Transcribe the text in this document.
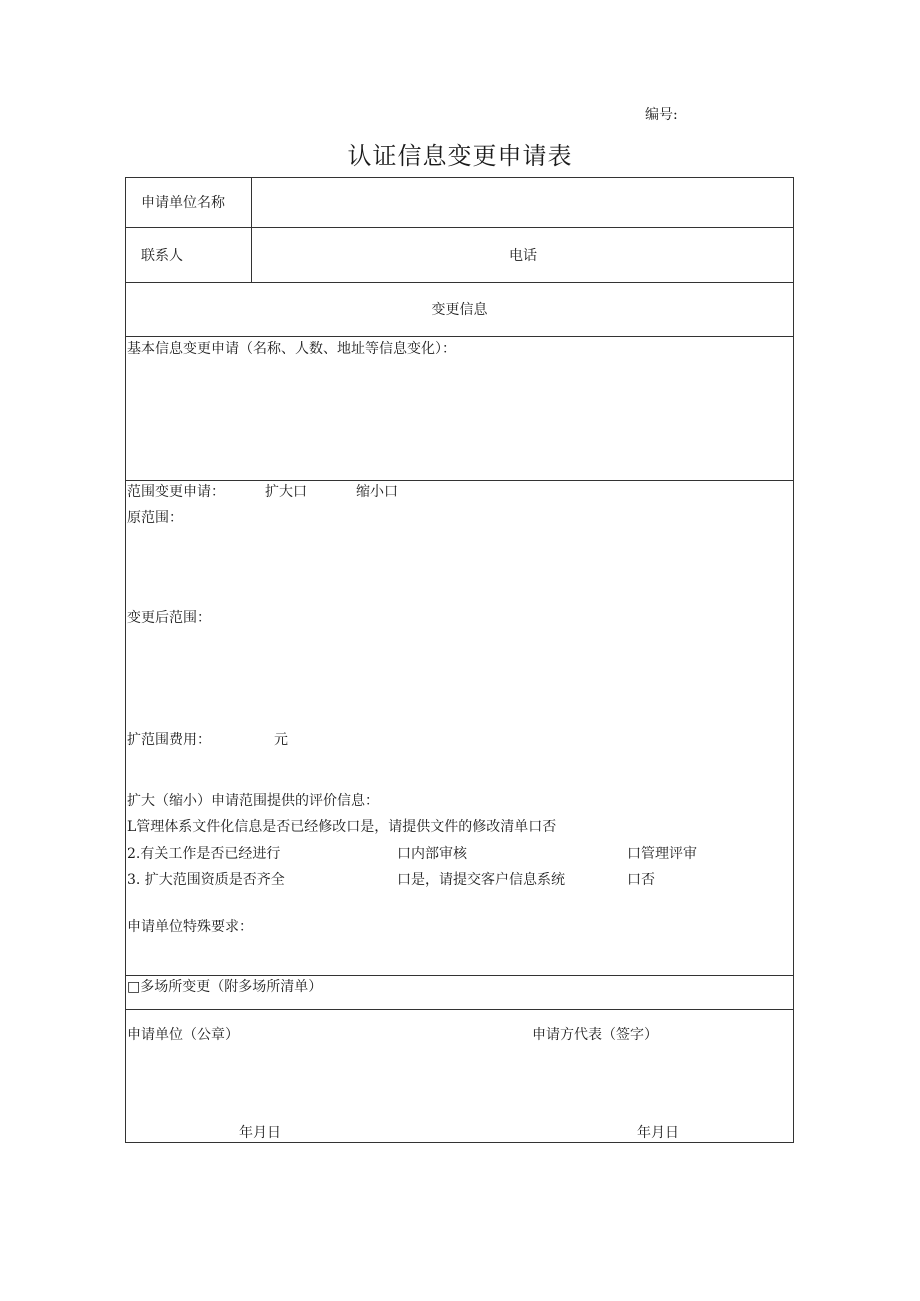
编号:
认证信息变更申请表
申请单位名称
联系人	电话
变更信息
基本信息变更申请（名称、人数、地址等信息变化）：
范围变更申请：	扩大口	缩小口
原范围：
变更后范围：
扩范围费用：	元
扩大（缩小）申请范围提供的评价信息：
L管理体系文件化信息是否已经修改口是，请提供文件的修改清单口否
2.有关工作是否已经进行	口内部审核	口管理评审
3. 扩大范围资质是否齐全	口是，请提交客户信息系统	口否
申请单位特殊要求：
□多场所变更（附多场所清单）
申请单位（公章）	申请方代表（签字）
年月日	年月日
